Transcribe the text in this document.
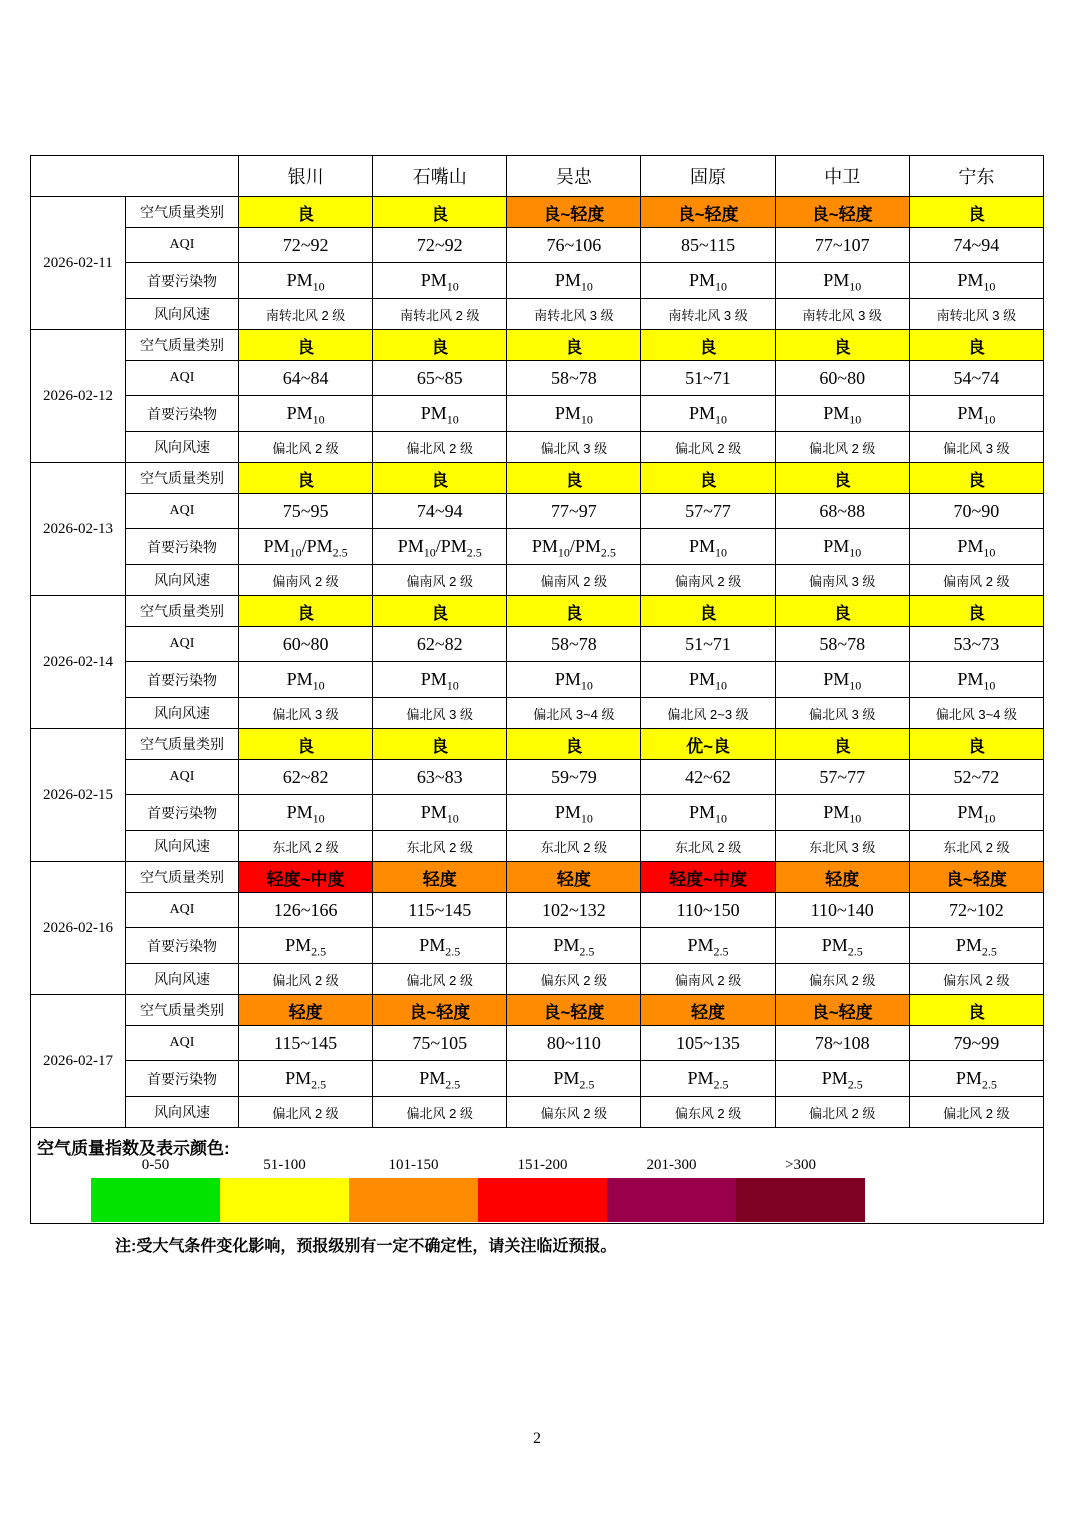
		银川	石嘴山	吴忠	固原	中卫	宁东
2026-02-11	空气质量类别	良	良	良~轻度	良~轻度	良~轻度	良
	AQI	72~92	72~92	76~106	85~115	77~107	74~94
	首要污染物	$PM_{10}$	$PM_{10}$	$PM_{10}$	$PM_{10}$	$PM_{10}$	$PM_{10}$
	风向风速	南转北风 2 级	南转北风 2 级	南转北风 3 级	南转北风 3 级	南转北风 3 级	南转北风 3 级
2026-02-12	空气质量类别	良	良	良	良	良	良
	AQI	64~84	65~85	58~78	51~71	60~80	54~74
	首要污染物	$PM_{10}$	$PM_{10}$	$PM_{10}$	$PM_{10}$	$PM_{10}$	$PM_{10}$
	风向风速	偏北风 2 级	偏北风 2 级	偏北风 3 级	偏北风 2 级	偏北风 2 级	偏北风 3 级
2026-02-13	空气质量类别	良	良	良	良	良	良
	AQI	75~95	74~94	77~97	57~77	68~88	70~90
	首要污染物	$PM_{10}/PM_{2.5}$	$PM_{10}/PM_{2.5}$	$PM_{10}/PM_{2.5}$	$PM_{10}$	$PM_{10}$	$PM_{10}$
	风向风速	偏南风 2 级	偏南风 2 级	偏南风 2 级	偏南风 2 级	偏南风 3 级	偏南风 2 级
2026-02-14	空气质量类别	良	良	良	良	良	良
	AQI	60~80	62~82	58~78	51~71	58~78	53~73
	首要污染物	$PM_{10}$	$PM_{10}$	$PM_{10}$	$PM_{10}$	$PM_{10}$	$PM_{10}$
	风向风速	偏北风 3 级	偏北风 3 级	偏北风 3~4 级	偏北风 2~3 级	偏北风 3 级	偏北风 3~4 级
2026-02-15	空气质量类别	良	良	良	优~良	良	良
	AQI	62~82	63~83	59~79	42~62	57~77	52~72
	首要污染物	$PM_{10}$	$PM_{10}$	$PM_{10}$	$PM_{10}$	$PM_{10}$	$PM_{10}$
	风向风速	东北风 2 级	东北风 2 级	东北风 2 级	东北风 2 级	东北风 3 级	东北风 2 级
2026-02-16	空气质量类别	轻度~中度	轻度	轻度	轻度~中度	轻度	良~轻度
	AQI	126~166	115~145	102~132	110~150	110~140	72~102
	首要污染物	$PM_{2.5}$	$PM_{2.5}$	$PM_{2.5}$	$PM_{2.5}$	$PM_{2.5}$	$PM_{2.5}$
	风向风速	偏北风 2 级	偏北风 2 级	偏东风 2 级	偏南风 2 级	偏东风 2 级	偏东风 2 级
2026-02-17	空气质量类别	轻度	良~轻度	良~轻度	轻度	良~轻度	良
	AQI	115~145	75~105	80~110	105~135	78~108	79~99
	首要污染物	$PM_{2.5}$	$PM_{2.5}$	$PM_{2.5}$	$PM_{2.5}$	$PM_{2.5}$	$PM_{2.5}$
	风向风速	偏北风 2 级	偏北风 2 级	偏东风 2 级	偏东风 2 级	偏北风 2 级	偏北风 2 级
空气质量指数及表示颜色:
0-50	51-100	101-150	151-200	201-300	>300
注:受大气条件变化影响，预报级别有一定不确定性，请关注临近预报。
2
